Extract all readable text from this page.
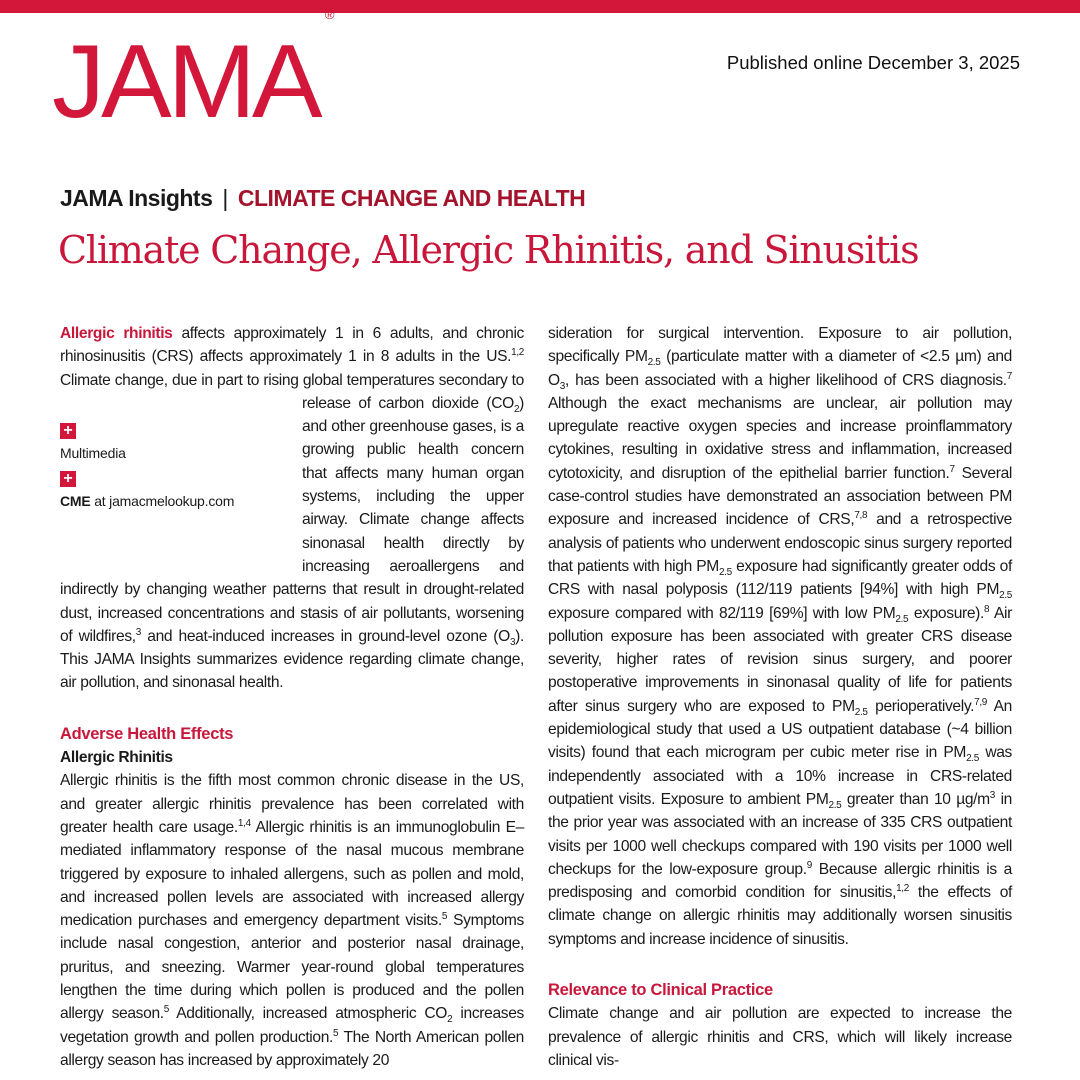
JAMA®
Published online December 3, 2025
JAMA Insights | CLIMATE CHANGE AND HEALTH
Climate Change, Allergic Rhinitis, and Sinusitis

+
Multimedia
+
CME at jamacmelookup.com
Allergic rhinitis affects approximately 1 in 6 adults, and chronic rhinosinusitis (CRS) affects approximately 1 in 8 adults in the US.$^{1,2}$ Climate change, due in part to rising global temperatures secondary to release of carbon dioxide $(CO_2)$ and other greenhouse gases, is a growing public health concern that affects many human organ systems, including the upper airway. Climate change affects sinonasal health directly by increasing aeroallergens and indirectly by changing weather patterns that result in drought-related dust, increased concentrations and stasis of air pollutants, worsening of wildfires,$^3$ and heat-induced increases in ground-level ozone $(O_3)$. This JAMA Insights summarizes evidence regarding climate change, air pollution, and sinonasal health.

Adverse Health Effects
Allergic Rhinitis

Allergic rhinitis is the fifth most common chronic disease in the US, and greater allergic rhinitis prevalence has been correlated with greater health care usage.$^{1,4}$ Allergic rhinitis is an immunoglobulin E–mediated inflammatory response of the nasal mucous membrane triggered by exposure to inhaled allergens, such as pollen and mold, and increased pollen levels are associated with increased allergy medication purchases and emergency department visits.$^5$ Symptoms include nasal congestion, anterior and posterior nasal drainage, pruritus, and sneezing. Warmer year-round global temperatures lengthen the time during which pollen is produced and the pollen allergy season.$^5$ Additionally, increased atmospheric $CO_2$ increases vegetation growth and pollen production.$^5$ The North American pollen allergy season has increased by approximately 20

sideration for surgical intervention. Exposure to air pollution, specifically $PM_{2.5}$ (particulate matter with a diameter of <2.5 µm) and $O_3$, has been associated with a higher likelihood of CRS diagnosis.$^7$ Although the exact mechanisms are unclear, air pollution may upregulate reactive oxygen species and increase proinflammatory cytokines, resulting in oxidative stress and inflammation, increased cytotoxicity, and disruption of the epithelial barrier function.$^7$ Several case-control studies have demonstrated an association between PM exposure and increased incidence of CRS,$^{7,8}$ and a retrospective analysis of patients who underwent endoscopic sinus surgery reported that patients with high $PM_{2.5}$ exposure had significantly greater odds of CRS with nasal polyposis (112/119 patients [94%] with high $PM_{2.5}$ exposure compared with 82/119 [69%] with low $PM_{2.5}$ exposure).$^8$ Air pollution exposure has been associated with greater CRS disease severity, higher rates of revision sinus surgery, and poorer postoperative improvements in sinonasal quality of life for patients after sinus surgery who are exposed to $PM_{2.5}$ perioperatively.$^{7,9}$ An epidemiological study that used a US outpatient database (~4 billion visits) found that each microgram per cubic meter rise in $PM_{2.5}$ was independently associated with a 10% increase in CRS-related outpatient visits. Exposure to ambient $PM_{2.5}$ greater than 10 $\mu g/m^3$ in the prior year was associated with an increase of 335 CRS outpatient visits per 1000 well checkups compared with 190 visits per 1000 well checkups for the low-exposure group.$^9$ Because allergic rhinitis is a predisposing and comorbid condition for sinusitis,$^{1,2}$ the effects of climate change on allergic rhinitis may additionally worsen sinusitis symptoms and increase incidence of sinusitis.

Relevance to Clinical Practice

Climate change and air pollution are expected to increase the prevalence of allergic rhinitis and CRS, which will likely increase clinical vis-
